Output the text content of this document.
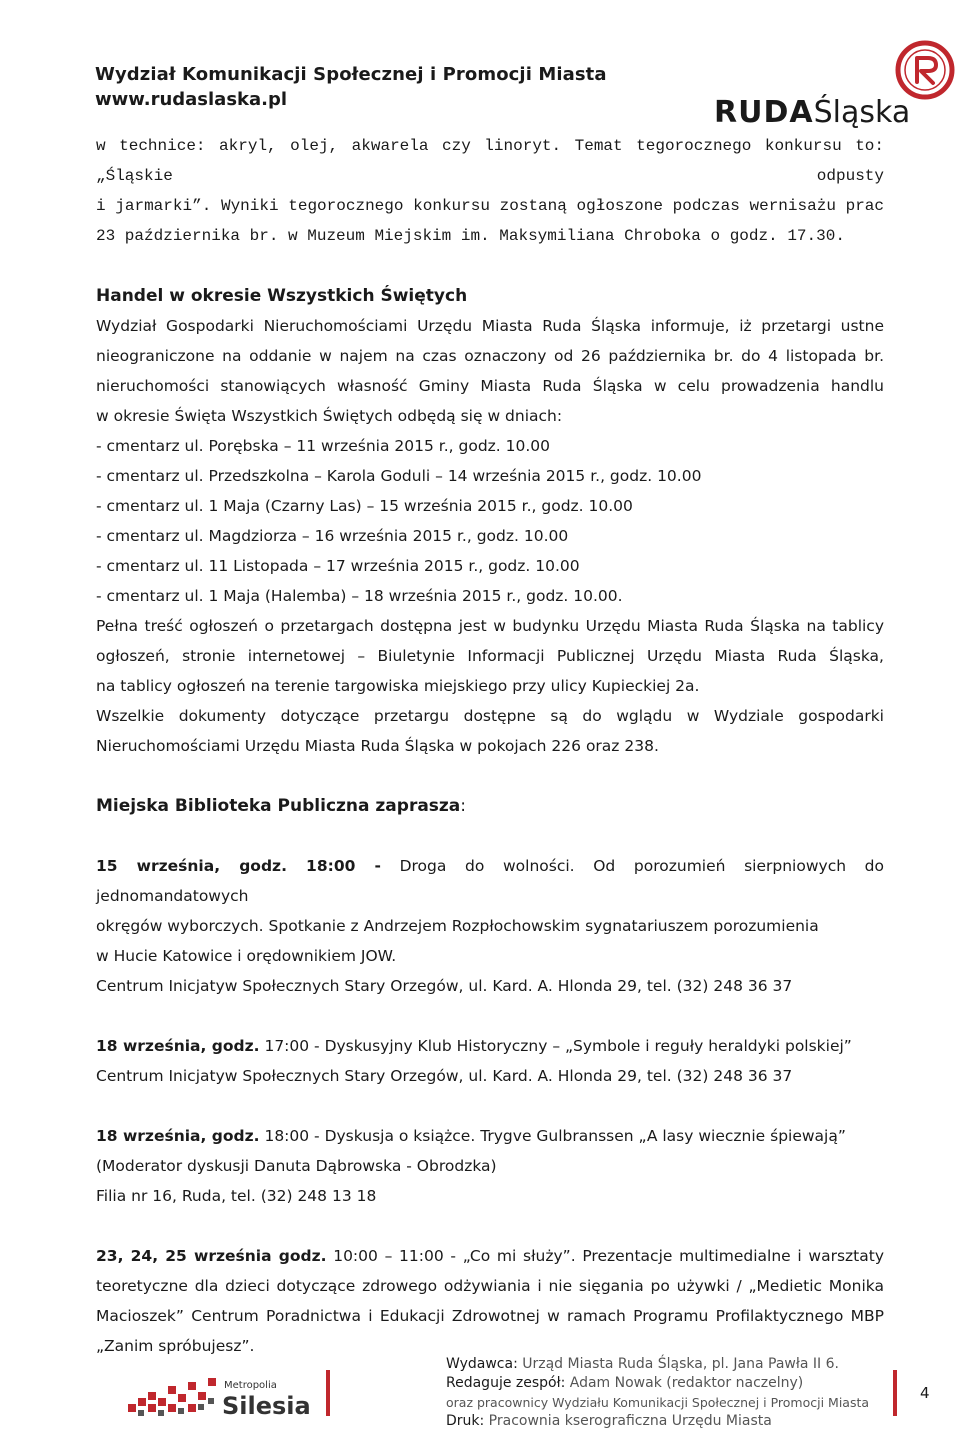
Wydział Komunikacji Społecznej i Promocji Miasta
www.rudaslaska.pl	RUDAŚląska

w technice: akryl, olej, akwarela czy linoryt. Temat tegorocznego konkursu to: „Śląskie odpusty

i jarmarki”. Wyniki tegorocznego konkursu zostaną ogłoszone podczas wernisażu prac

23 października br. w Muzeum Miejskim im. Maksymiliana Chroboka o godz. 17.30.

Handel w okresie Wszystkich Świętych

Wydział Gospodarki Nieruchomościami Urzędu Miasta Ruda Śląska informuje, iż przetargi ustne

nieograniczone na oddanie w najem na czas oznaczony od 26 października br. do 4 listopada br.

nieruchomości stanowiących własność Gminy Miasta Ruda Śląska w celu prowadzenia handlu

w okresie Święta Wszystkich Świętych odbędą się w dniach:

- cmentarz ul. Porębska – 11 września 2015 r., godz. 10.00

- cmentarz ul. Przedszkolna – Karola Goduli – 14 września 2015 r., godz. 10.00

- cmentarz ul. 1 Maja (Czarny Las) – 15 września 2015 r., godz. 10.00

- cmentarz ul. Magdziorza – 16 września 2015 r., godz. 10.00

- cmentarz ul. 11 Listopada – 17 września 2015 r., godz. 10.00

- cmentarz ul. 1 Maja (Halemba) – 18 września 2015 r., godz. 10.00.

Pełna treść ogłoszeń o przetargach dostępna jest w budynku Urzędu Miasta Ruda Śląska na tablicy

ogłoszeń, stronie internetowej – Biuletynie Informacji Publicznej Urzędu Miasta Ruda Śląska,

na tablicy ogłoszeń na terenie targowiska miejskiego przy ulicy Kupieckiej 2a.

Wszelkie dokumenty dotyczące przetargu dostępne są do wglądu w Wydziale gospodarki

Nieruchomościami Urzędu Miasta Ruda Śląska w pokojach 226 oraz 238.

Miejska Biblioteka Publiczna zaprasza:

15 września, godz. 18:00 - Droga do wolności. Od porozumień sierpniowych do jednomandatowych

okręgów wyborczych. Spotkanie z Andrzejem Rozpłochowskim sygnatariuszem porozumienia

w Hucie Katowice i orędownikiem JOW.

Centrum Inicjatyw Społecznych Stary Orzegów, ul. Kard. A. Hlonda 29, tel. (32) 248 36 37

18 września, godz. 17:00 - Dyskusyjny Klub Historyczny – „Symbole i reguły heraldyki polskiej”

Centrum Inicjatyw Społecznych Stary Orzegów, ul. Kard. A. Hlonda 29, tel. (32) 248 36 37

18 września, godz. 18:00 - Dyskusja o książce. Trygve Gulbranssen „A lasy wiecznie śpiewają”

(Moderator dyskusji Danuta Dąbrowska - Obrodzka)

Filia nr 16, Ruda, tel. (32) 248 13 18

23, 24, 25 września godz. 10:00 – 11:00 - „Co mi służy”. Prezentacje multimedialne i warsztaty

teoretyczne dla dzieci dotyczące zdrowego odżywiania i nie sięgania po używki / „Medietic Monika

Macioszek” Centrum Poradnictwa i Edukacji Zdrowotnej w ramach Programu Profilaktycznego MBP

„Zanim spróbujesz”.

Metropolia
Silesia
Wydawca: Urząd Miasta Ruda Śląska, pl. Jana Pawła II 6.
Redaguje zespół: Adam Nowak (redaktor naczelny)
oraz pracownicy Wydziału Komunikacji Społecznej i Promocji Miasta
Druk: Pracownia kserograficzna Urzędu Miasta
4
